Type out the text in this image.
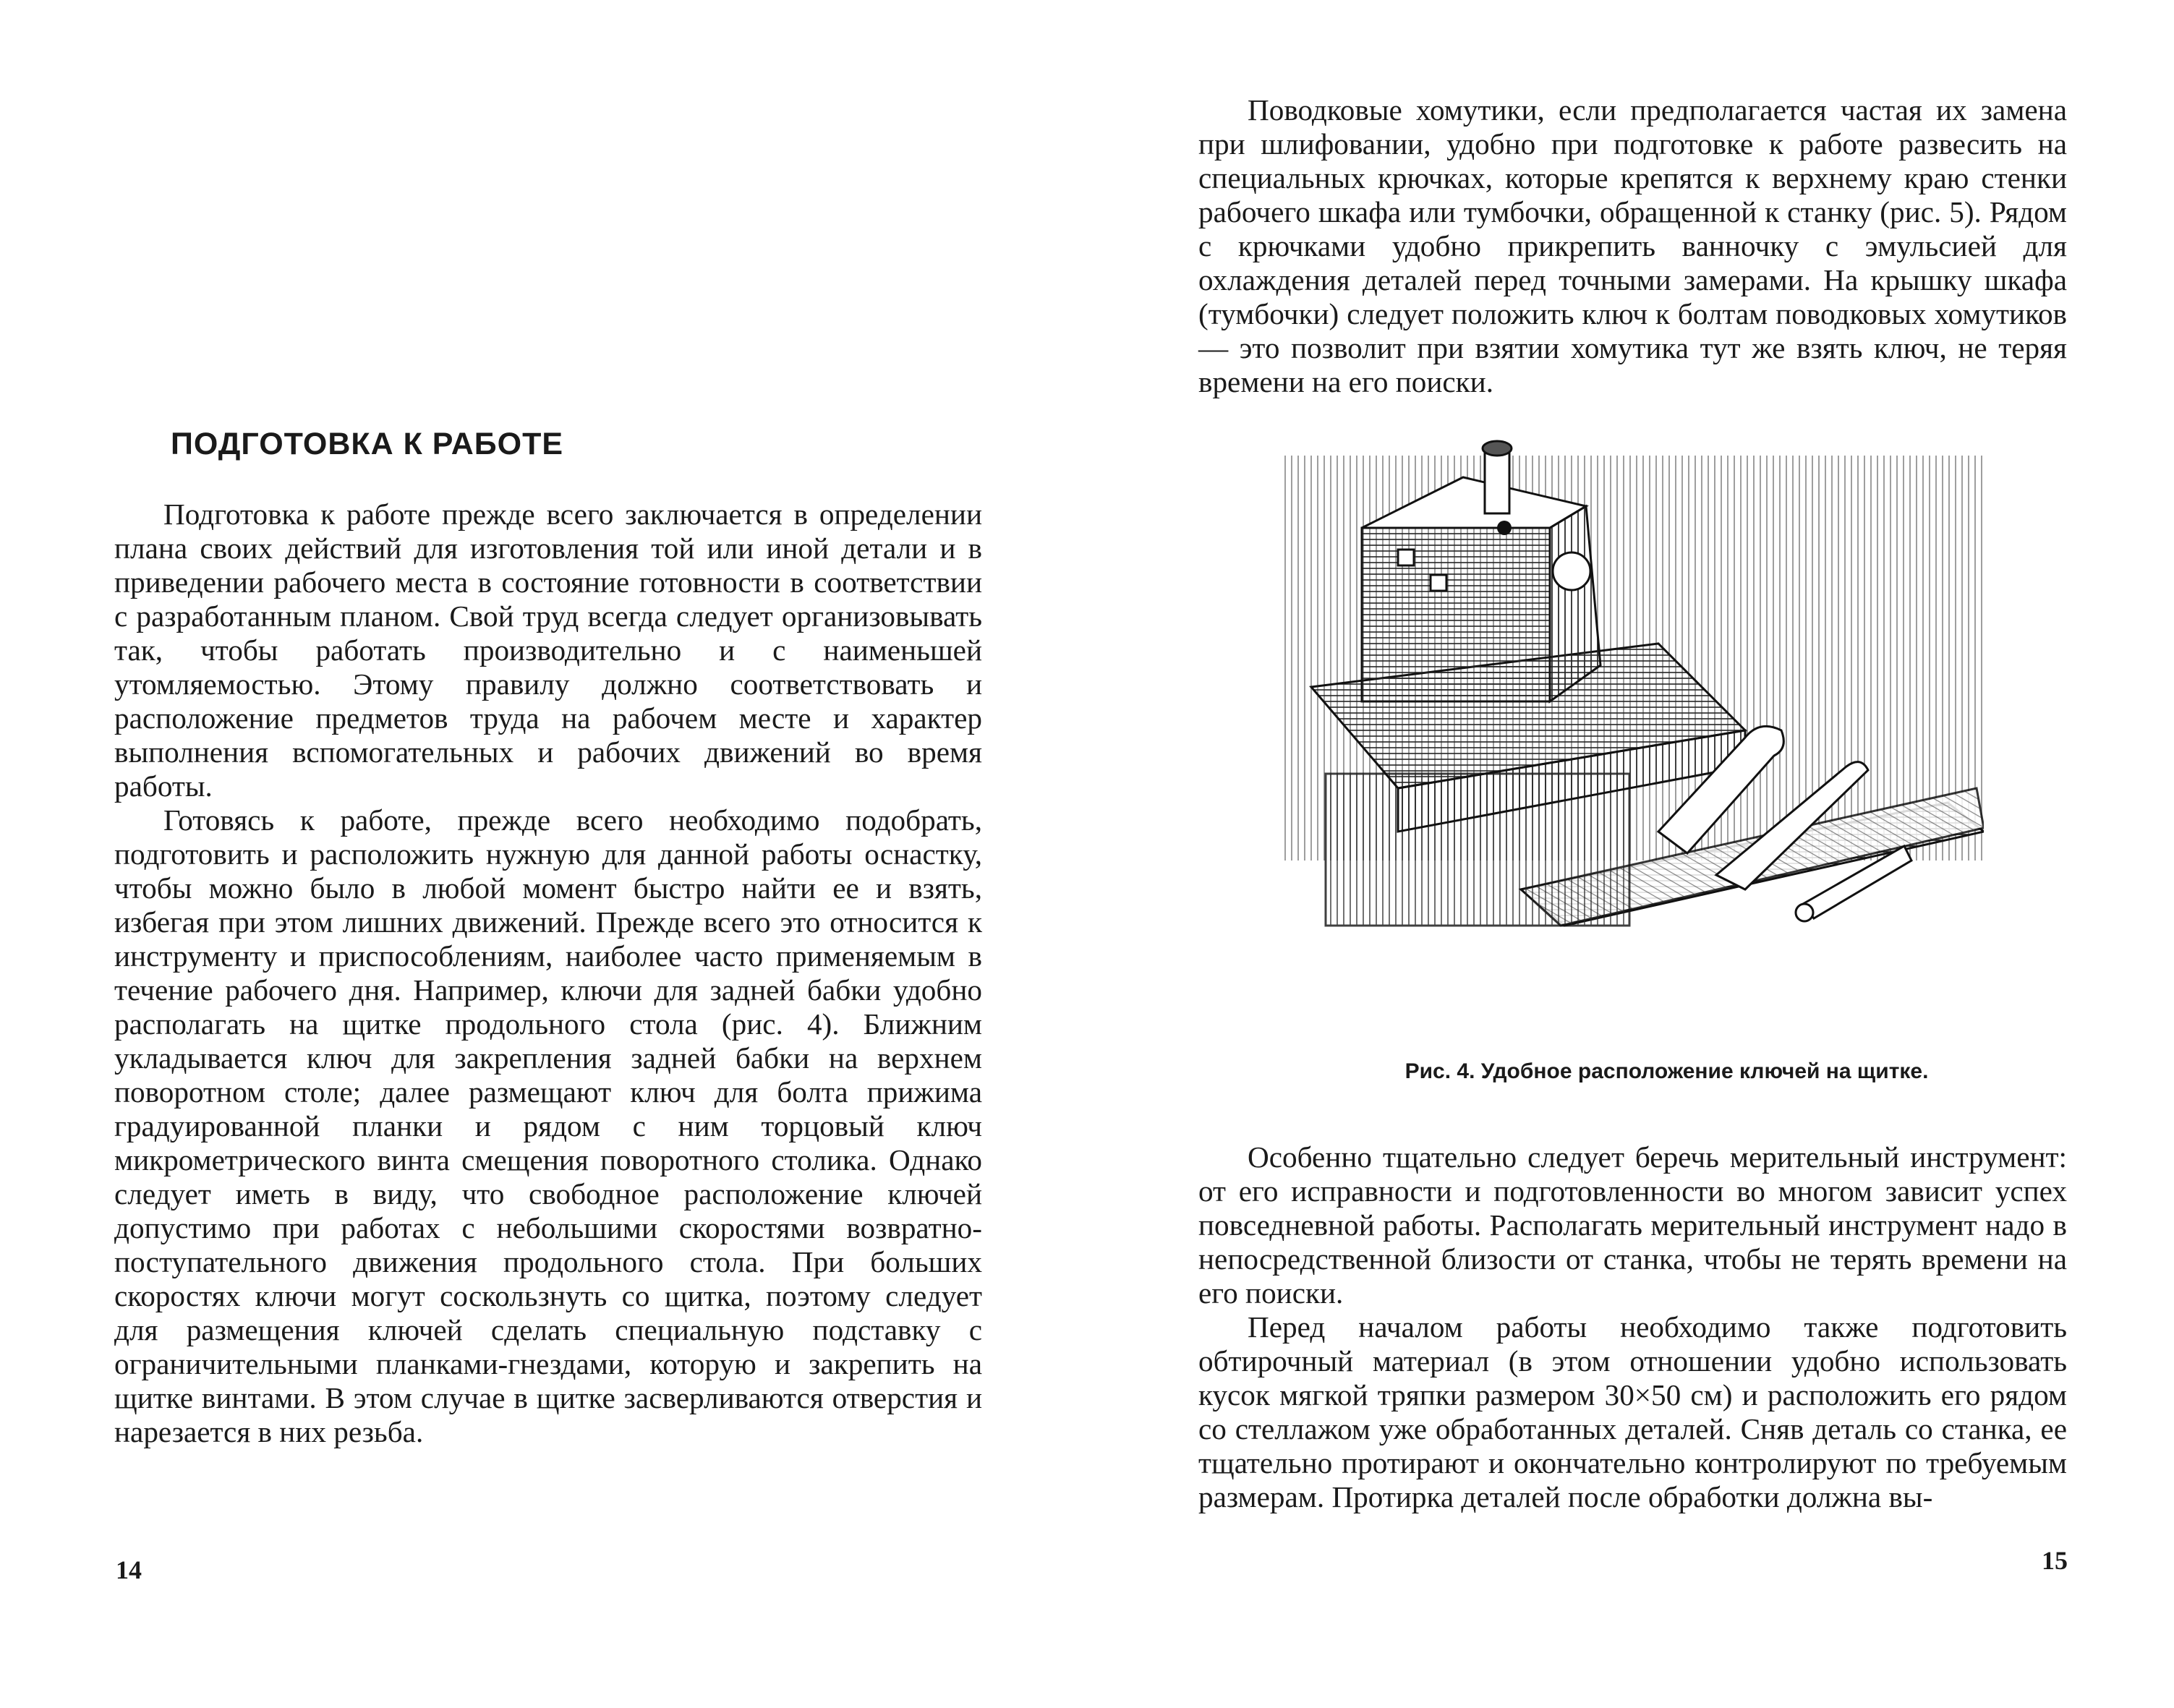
ПОДГОТОВКА К РАБОТЕ

Подготовка к работе прежде всего заключается в определении плана своих действий для изготовления той или иной детали и в приведении рабочего места в состояние готовности в соответствии с разработанным планом. Свой труд всегда следует организовывать так, чтобы работать производительно и с наименьшей утомляемостью. Этому правилу должно соответствовать и расположение предметов труда на рабочем месте и характер выполнения вспомогательных и рабочих движений во время работы.

Готовясь к работе, прежде всего необходимо подобрать, подготовить и расположить нужную для данной работы оснастку, чтобы можно было в любой момент быстро найти ее и взять, избегая при этом лишних движений. Прежде всего это относится к инструменту и приспособлениям, наиболее часто применяемым в течение рабочего дня. Например, ключи для задней бабки удобно располагать на щитке продольного стола (рис. 4). Ближним укладывается ключ для закрепления задней бабки на верхнем поворотном столе; далее размещают ключ для болта прижима градуированной планки и рядом с ним торцовый ключ микрометрического винта смещения поворотного столика. Однако следует иметь в виду, что свободное расположение ключей допустимо при работах с небольшими скоростями возвратно-поступательного движения продольного стола. При больших скоростях ключи могут соскользнуть со щитка, поэтому следует для размещения ключей сделать специальную подставку с ограничительными планками-гнездами, которую и закрепить на щитке винтами. В этом случае в щитке засверливаются отверстия и нарезается в них резьба.

14

Поводковые хомутики, если предполагается частая их замена при шлифовании, удобно при подготовке к работе развесить на специальных крючках, которые крепятся к верхнему краю стенки рабочего шкафа или тумбочки, обращенной к станку (рис. 5). Рядом с крючками удобно прикрепить ванночку с эмульсией для охлаждения деталей перед точными замерами. На крышку шкафа (тумбочки) следует положить ключ к болтам поводковых хомутиков — это позволит при взятии хомутика тут же взять ключ, не теряя времени на его поиски.

Рис. 4. Удобное расположение ключей на щитке.

Особенно тщательно следует беречь мерительный инструмент: от его исправности и подготовленности во многом зависит успех повседневной работы. Располагать мерительный инструмент надо в непосредственной близости от станка, чтобы не терять времени на его поиски.

Перед началом работы необходимо также подготовить обтирочный материал (в этом отношении удобно использовать кусок мягкой тряпки размером 30×50 см) и расположить его рядом со стеллажом уже обработанных деталей. Сняв деталь со станка, ее тщательно протирают и окончательно контролируют по требуемым размерам. Протирка деталей после обработки должна вы-

15
